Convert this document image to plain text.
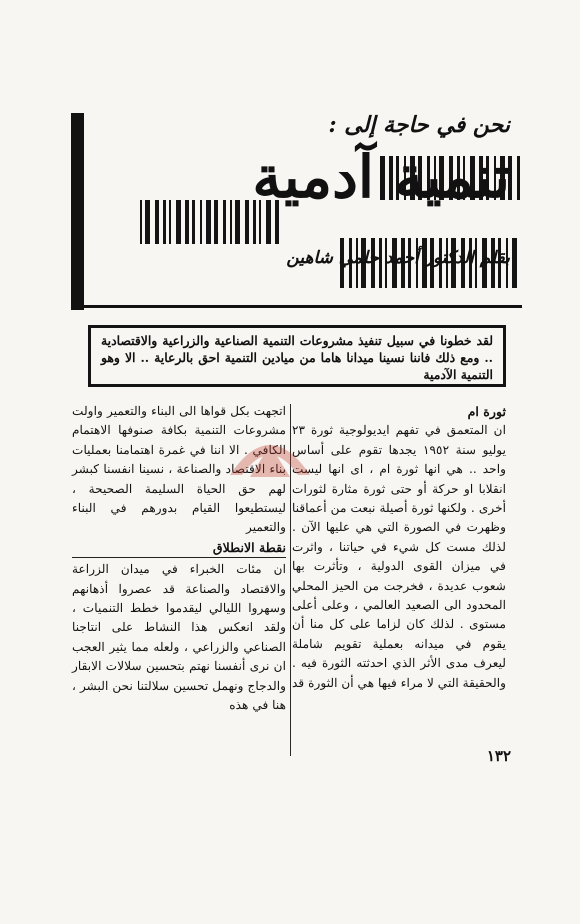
نحن في حاجة إلى :
تنمية آدمية
بقلم الدكتور أحمد حلمي شاهين
لقد خطونا في سبيل تنفيذ مشروعات التنمية الصناعية والزراعية والاقتصادية .. ومع ذلك فاننا نسينا ميدانا هاما من ميادين التنمية احق بالرعاية .. الا وهو التنمية الآدمية
ثورة ام
ان المتعمق في تفهم ايديولوجية ثورة ٢٣ يوليو سنة ١٩٥٢ يجدها تقوم على أساس واحد .. هي انها ثورة ام ، اى انها ليست انقلابا او حركة أو حتى ثورة مثارة لثورات أخرى . ولكنها ثورة أصيلة نبعت من أعماقنا وظهرت في الصورة التي هي عليها الآن . لذلك مست كل شيء في حياتنا ، واثرت في ميزان القوى الدولية ، وتأثرت بها شعوب عديدة ، فخرجت من الحيز المحلي المحدود الى الصعيد العالمي ، وعلى أعلى مستوى . لذلك كان لزاما على كل منا أن يقوم في ميدانه بعملية تقويم شاملة ليعرف مدى الأثر الذي احدثته الثورة فيه . والحقيقة التي لا مراء فيها هي أن الثورة قد
اتجهت بكل قواها الى البناء والتعمير واولت مشروعات التنمية بكافة صنوفها الاهتمام الكافي . الا اننا في غمرة اهتمامنا بعمليات بناء الاقتصاد والصناعة ، نسينا انفسنا كبشر لهم حق الحياة السليمة الصحيحة ، ليستطيعوا القيام بدورهم في البناء والتعمير
نقطة الانطلاق
ان مئات الخبراء في ميدان الزراعة والاقتصاد والصناعة قد عصروا أذهانهم وسهروا الليالي ليقدموا خطط التنميات ، ولقد انعكس هذا النشاط على انتاجنا الصناعي والزراعي ، ولعله مما يثير العجب ان نرى أنفسنا نهتم بتحسين سلالات الابقار والدجاج ونهمل تحسين سلالتنا نحن البشر ، هنا في هذه
١٣٢
